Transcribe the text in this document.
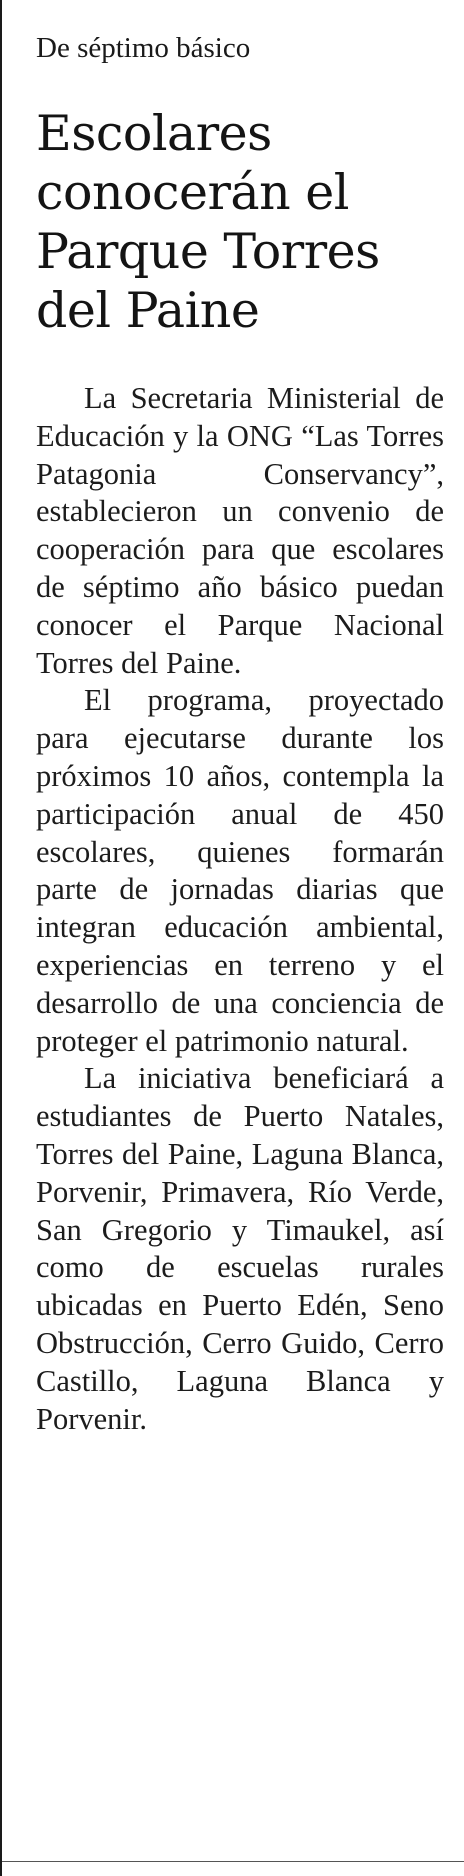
De séptimo básico
Escolares conocerán el Parque Torres del Paine

La Secretaria Ministerial de Educación y la ONG “Las Torres Patagonia Conservancy”, establecieron un convenio de cooperación para que escolares de séptimo año básico puedan conocer el Parque Nacional Torres del Paine.

El programa, proyectado para ejecutarse durante los próximos 10 años, contempla la participación anual de 450 escolares, quienes formarán parte de jornadas diarias que integran educación ambiental, experiencias en terreno y el desarrollo de una conciencia de proteger el patrimonio natural.

La iniciativa beneficiará a estudiantes de Puerto Natales, Torres del Paine, Laguna Blanca, Porvenir, Primavera, Río Verde, San Gregorio y Timaukel, así como de escuelas rurales ubicadas en Puerto Edén, Seno Obstrucción, Cerro Guido, Cerro Castillo, Laguna Blanca y Porvenir.
